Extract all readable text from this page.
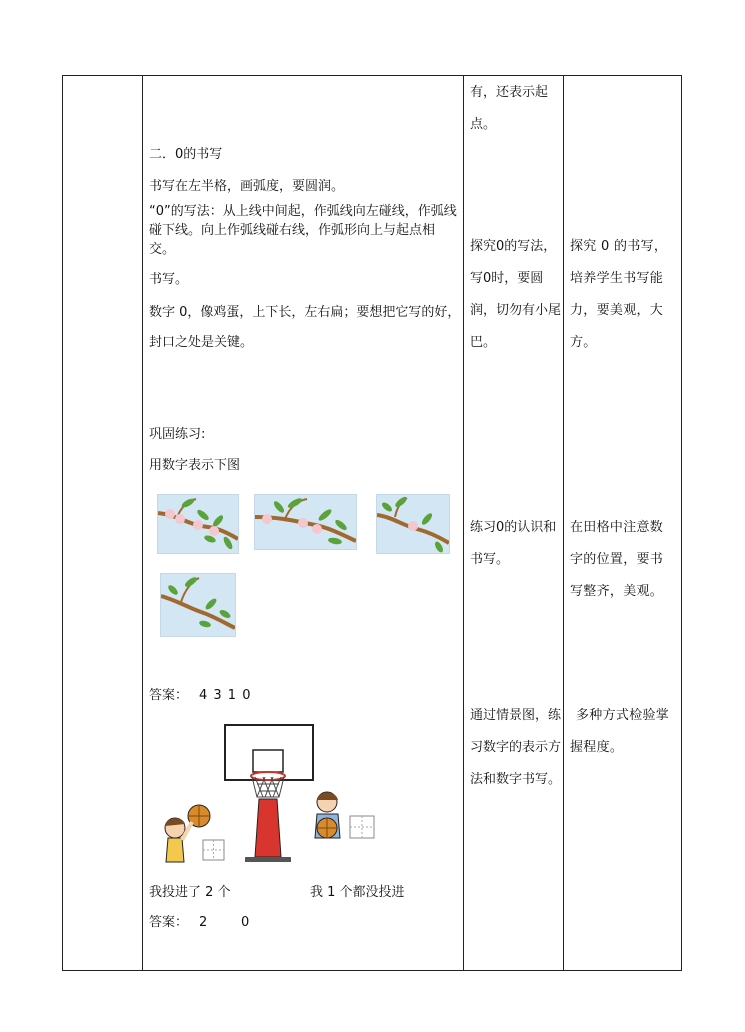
二．0的书写
书写在左半格，画弧度，要圆润。
“0”的写法：从上线中间起，作弧线向左碰线，作弧线碰下线。向上作弧线碰右线，作弧形向上与起点相交。
书写。
数字 0，像鸡蛋，上下长，左右扁；要想把它写的好，封口之处是关键。
巩固练习:
用数字表示下图
答案： 4 3 1 0
我投进了 2 个	我 1 个都没投进
答案： 2	0
有，还表示起点。
探究0的写法，写0时，要圆润，切勿有小尾巴。
练习0的认识和书写。
通过情景图，练习数字的表示方法和数字书写。
探究 0 的书写，培养学生书写能力，要美观，大方。
在田格中注意数字的位置，要书写整齐，美观。
多种方式检验掌握程度。
